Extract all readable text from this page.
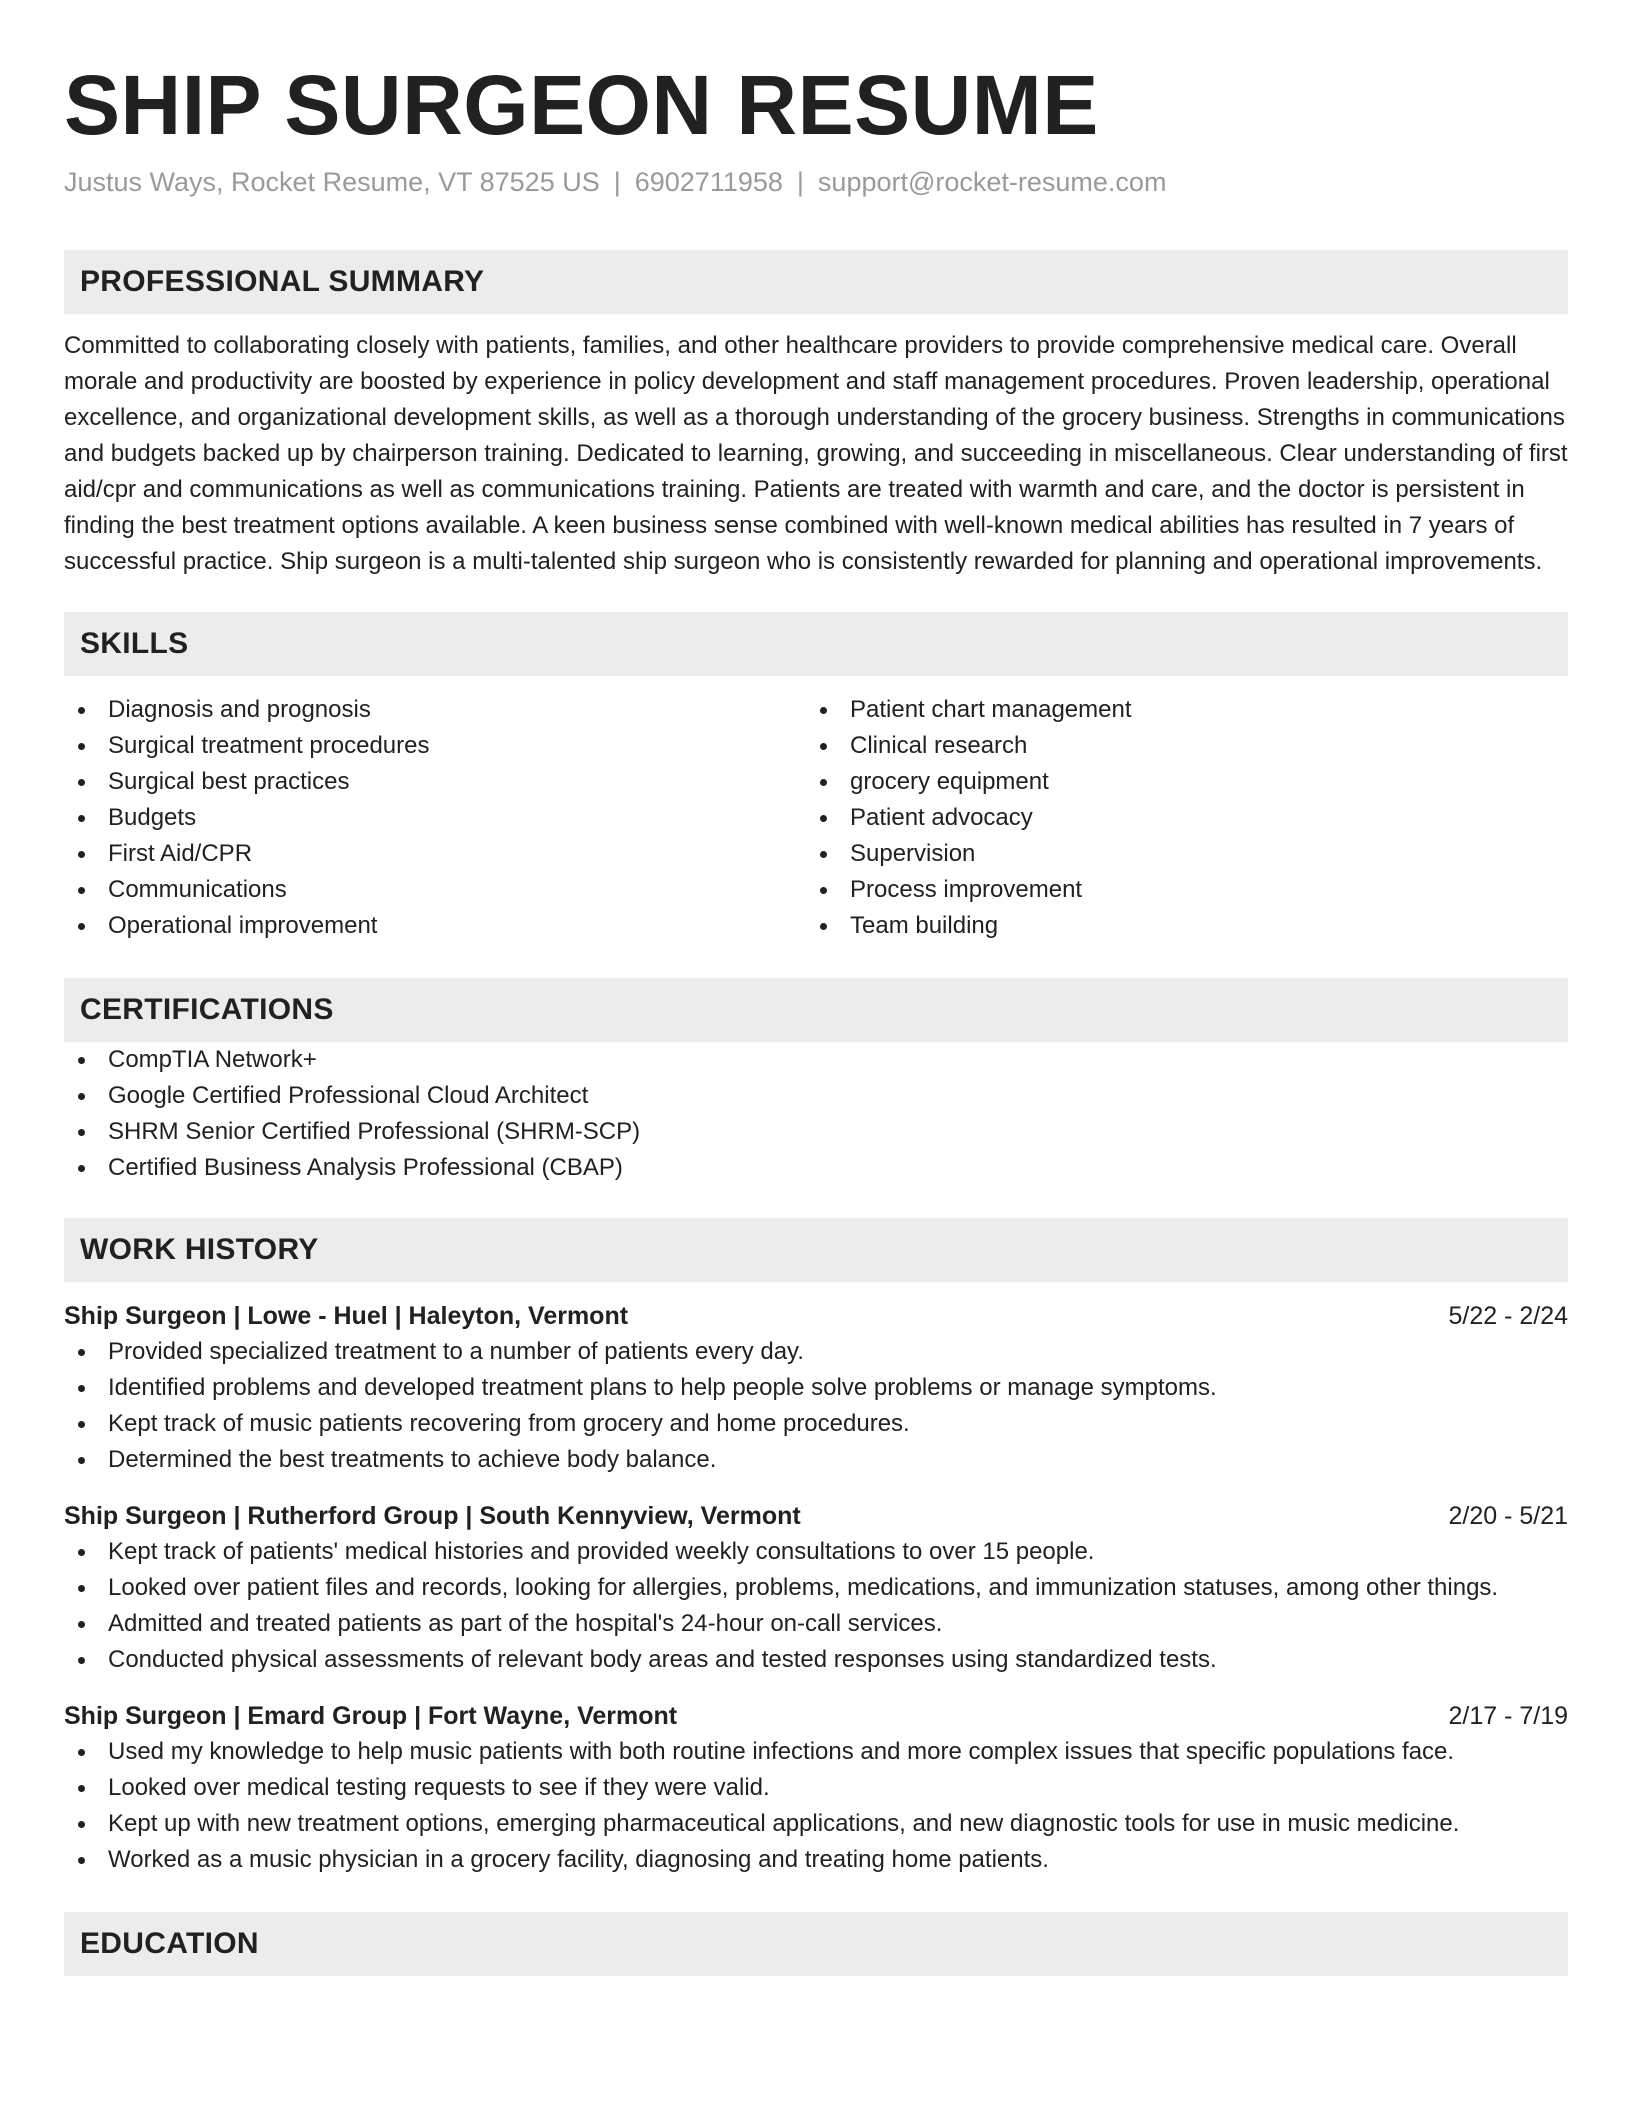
SHIP SURGEON RESUME
Justus Ways, Rocket Resume, VT 87525 US | 6902711958 | support@rocket-resume.com
PROFESSIONAL SUMMARY

Committed to collaborating closely with patients, families, and other healthcare providers to provide comprehensive medical care. Overall morale and productivity are boosted by experience in policy development and staff management procedures. Proven leadership, operational excellence, and organizational development skills, as well as a thorough understanding of the grocery business. Strengths in communications and budgets backed up by chairperson training. Dedicated to learning, growing, and succeeding in miscellaneous. Clear understanding of first aid/cpr and communications as well as communications training. Patients are treated with warmth and care, and the doctor is persistent in finding the best treatment options available. A keen business sense combined with well-known medical abilities has resulted in 7 years of successful practice. Ship surgeon is a multi-talented ship surgeon who is consistently rewarded for planning and operational improvements.

SKILLS
Diagnosis and prognosis
Surgical treatment procedures
Surgical best practices
Budgets
First Aid/CPR
Communications
Operational improvement
Patient chart management
Clinical research
grocery equipment
Patient advocacy
Supervision
Process improvement
Team building
CERTIFICATIONS
CompTIA Network+
Google Certified Professional Cloud Architect
SHRM Senior Certified Professional (SHRM-SCP)
Certified Business Analysis Professional (CBAP)
WORK HISTORY
Ship Surgeon | Lowe - Huel | Haleyton, Vermont	5/22 - 2/24
Provided specialized treatment to a number of patients every day.
Identified problems and developed treatment plans to help people solve problems or manage symptoms.
Kept track of music patients recovering from grocery and home procedures.
Determined the best treatments to achieve body balance.
Ship Surgeon | Rutherford Group | South Kennyview, Vermont	2/20 - 5/21
Kept track of patients' medical histories and provided weekly consultations to over 15 people.
Looked over patient files and records, looking for allergies, problems, medications, and immunization statuses, among other things.
Admitted and treated patients as part of the hospital's 24-hour on-call services.
Conducted physical assessments of relevant body areas and tested responses using standardized tests.
Ship Surgeon | Emard Group | Fort Wayne, Vermont	2/17 - 7/19
Used my knowledge to help music patients with both routine infections and more complex issues that specific populations face.
Looked over medical testing requests to see if they were valid.
Kept up with new treatment options, emerging pharmaceutical applications, and new diagnostic tools for use in music medicine.
Worked as a music physician in a grocery facility, diagnosing and treating home patients.
EDUCATION
